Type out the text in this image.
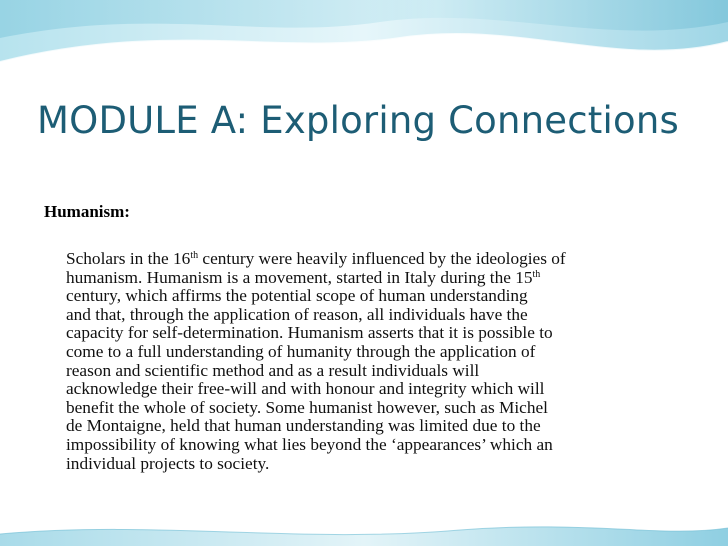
MODULE A: Exploring Connections
Humanism:
Scholars in the 16th century were heavily influenced by the ideologies of
humanism. Humanism is a movement, started in Italy during the 15th
century, which affirms the potential scope of human understanding
and that, through the application of reason, all individuals have the
capacity for self-determination. Humanism asserts that it is possible to
come to a full understanding of humanity through the application of
reason and scientific method and as a result individuals will
acknowledge their free-will and with honour and integrity which will
benefit the whole of society. Some humanist however, such as Michel
de Montaigne, held that human understanding was limited due to the
impossibility of knowing what lies beyond the ‘appearances’ which an
individual projects to society.
